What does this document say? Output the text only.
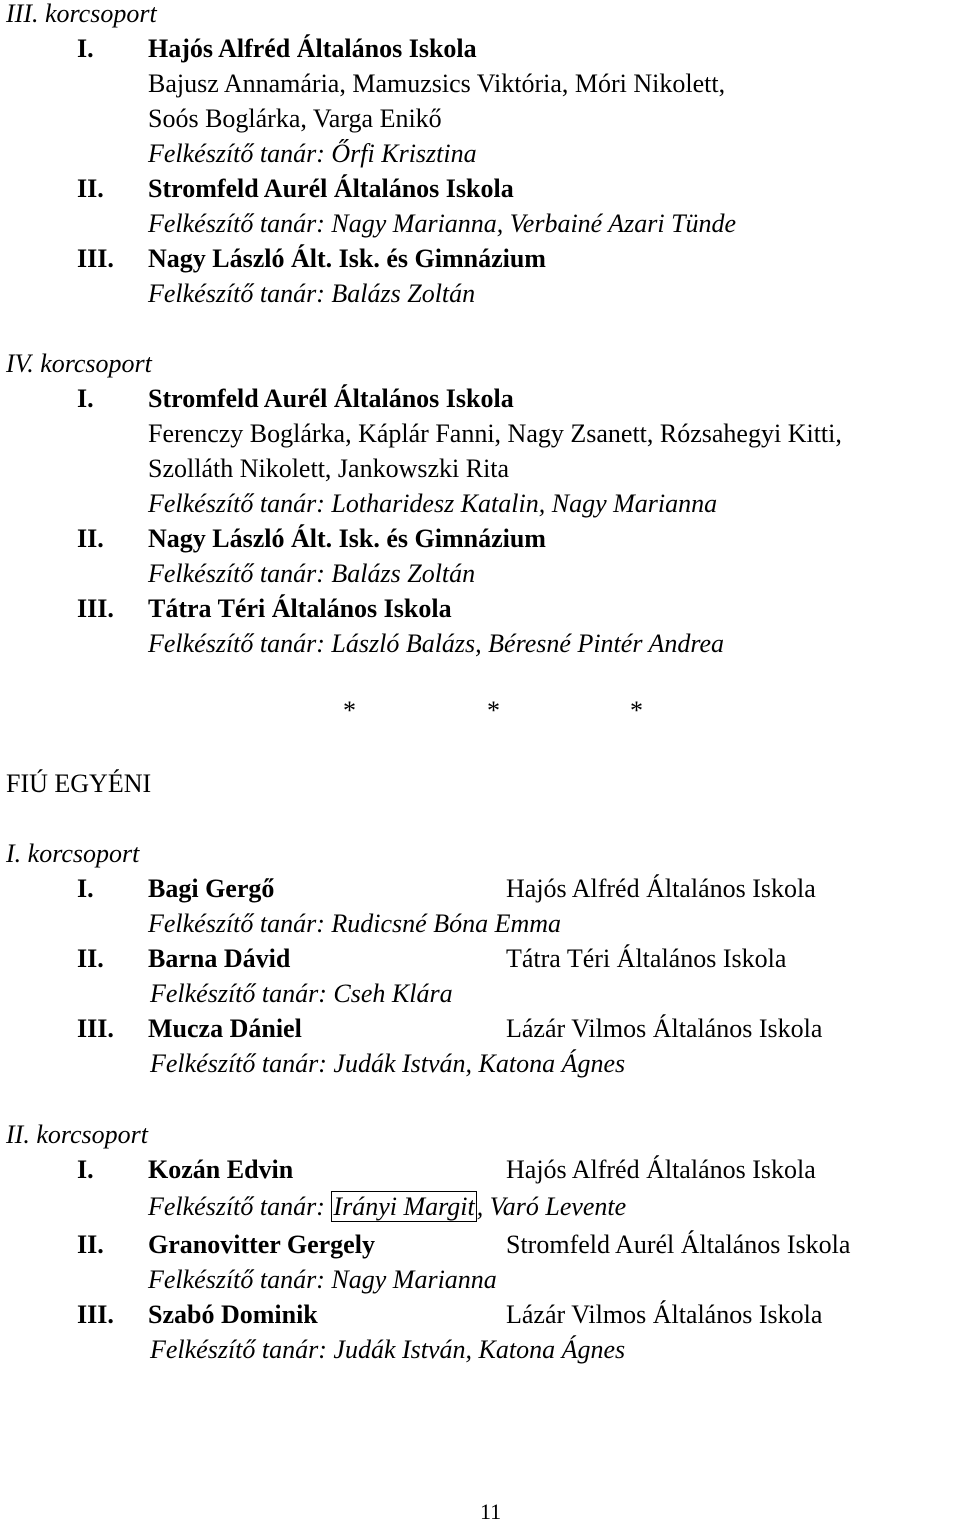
III. korcsoport
I. Hajós Alfréd Általános Iskola
Bajusz Annamária, Mamuzsics Viktória, Móri Nikolett,
Soós Boglárka, Varga Enikő
Felkészítő tanár: Őrfi Krisztina
II. Stromfeld Aurél Általános Iskola
Felkészítő tanár: Nagy Marianna, Verbainé Azari Tünde
III. Nagy László Ált. Isk. és Gimnázium
Felkészítő tanár: Balázs Zoltán
IV. korcsoport
I. Stromfeld Aurél Általános Iskola
Ferenczy Boglárka, Káplár Fanni, Nagy Zsanett, Rózsahegyi Kitti,
Szolláth Nikolett, Jankowszki Rita
Felkészítő tanár: Lotharidesz Katalin, Nagy Marianna
II. Nagy László Ált. Isk. és Gimnázium
Felkészítő tanár: Balázs Zoltán
III. Tátra Téri Általános Iskola
Felkészítő tanár: László Balázs, Béresné Pintér Andrea
*	*	*
FIÚ EGYÉNI
I. korcsoport
I. Bagi Gergő	Hajós Alfréd Általános Iskola
Felkészítő tanár: Rudicsné Bóna Emma
II. Barna Dávid	Tátra Téri Általános Iskola
Felkészítő tanár: Cseh Klára
III. Mucza Dániel	Lázár Vilmos Általános Iskola
Felkészítő tanár: Judák István, Katona Ágnes
II. korcsoport
I. Kozán Edvin	Hajós Alfréd Általános Iskola
Felkészítő tanár: Irányi Margit, Varó Levente
II. Granovitter Gergely	Stromfeld Aurél Általános Iskola
Felkészítő tanár: Nagy Marianna
III. Szabó Dominik	Lázár Vilmos Általános Iskola
Felkészítő tanár: Judák István, Katona Ágnes
11
